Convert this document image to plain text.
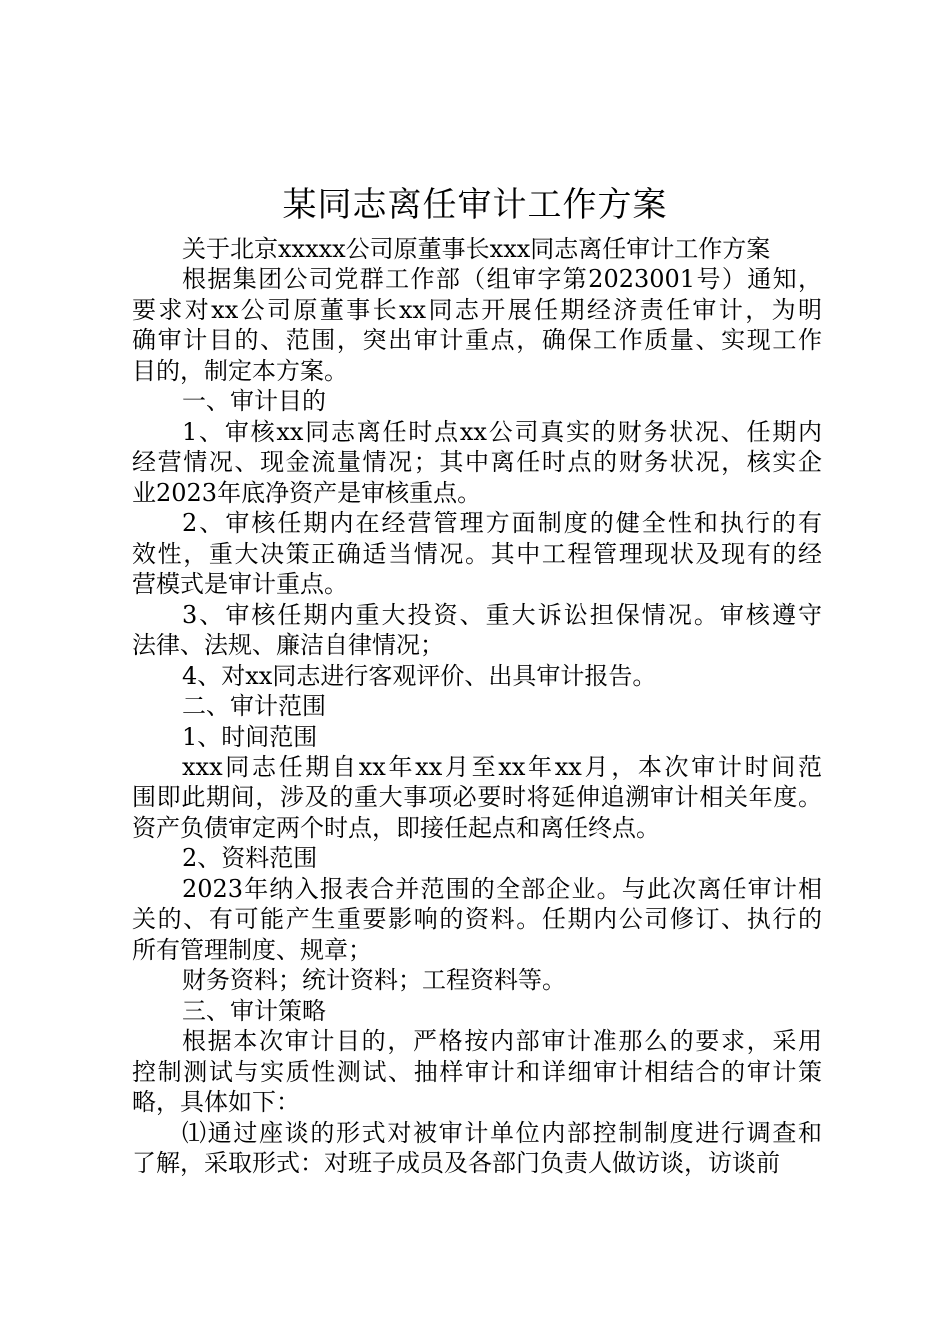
某同志离任审计工作方案
关于北京xxxxx公司原董事长xxx同志离任审计工作方案
根据集团公司党群工作部（组审字第2023001号）通知，
要求对xx公司原董事长xx同志开展任期经济责任审计，为明
确审计目的、范围，突出审计重点，确保工作质量、实现工作
目的，制定本方案。
一、审计目的
1、审核xx同志离任时点xx公司真实的财务状况、任期内
经营情况、现金流量情况；其中离任时点的财务状况，核实企
业2023年底净资产是审核重点。
2、审核任期内在经营管理方面制度的健全性和执行的有
效性，重大决策正确适当情况。其中工程管理现状及现有的经
营模式是审计重点。
3、审核任期内重大投资、重大诉讼担保情况。审核遵守
法律、法规、廉洁自律情况；
4、对xx同志进行客观评价、出具审计报告。
二、审计范围
1、时间范围
xxx同志任期自xx年xx月至xx年xx月，本次审计时间范
围即此期间，涉及的重大事项必要时将延伸追溯审计相关年度。
资产负债审定两个时点，即接任起点和离任终点。
2、资料范围
2023年纳入报表合并范围的全部企业。与此次离任审计相
关的、有可能产生重要影响的资料。任期内公司修订、执行的
所有管理制度、规章；
财务资料；统计资料；工程资料等。
三、审计策略
根据本次审计目的，严格按内部审计准那么的要求，采用
控制测试与实质性测试、抽样审计和详细审计相结合的审计策
略，具体如下：
⑴通过座谈的形式对被审计单位内部控制制度进行调查和
了解，采取形式：对班子成员及各部门负责人做访谈，访谈前
